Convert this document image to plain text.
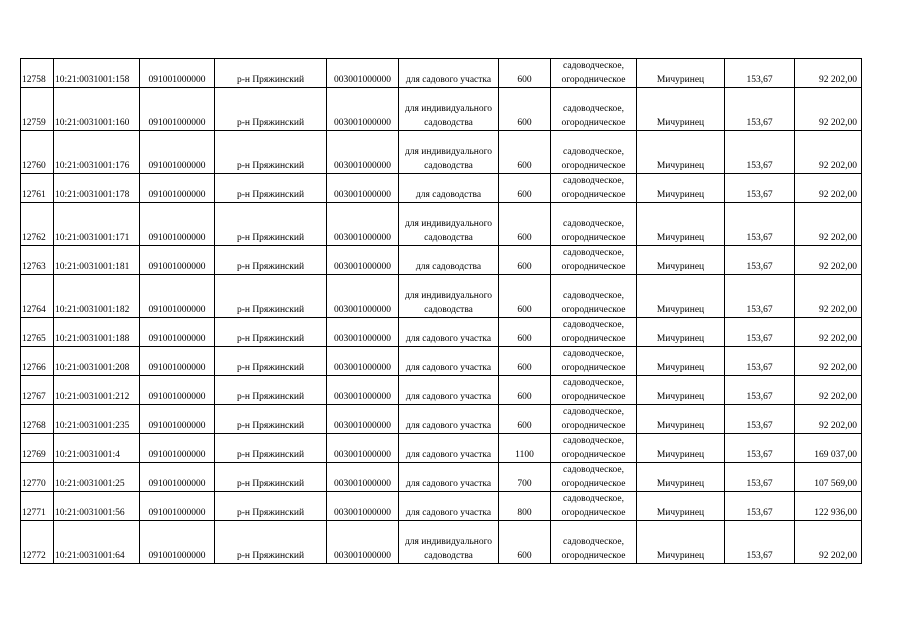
12758	10:21:0031001:158	091001000000	р-н Пряжинский	003001000000	для садового участка	600	садоводческое, огородническое	Мичуринец	153,67	92 202,00
12759	10:21:0031001:160	091001000000	р-н Пряжинский	003001000000	для индивидуального садоводства	600	садоводческое, огородническое	Мичуринец	153,67	92 202,00
12760	10:21:0031001:176	091001000000	р-н Пряжинский	003001000000	для индивидуального садоводства	600	садоводческое, огородническое	Мичуринец	153,67	92 202,00
12761	10:21:0031001:178	091001000000	р-н Пряжинский	003001000000	для садоводства	600	садоводческое, огородническое	Мичуринец	153,67	92 202,00
12762	10:21:0031001:171	091001000000	р-н Пряжинский	003001000000	для индивидуального садоводства	600	садоводческое, огородническое	Мичуринец	153,67	92 202,00
12763	10:21:0031001:181	091001000000	р-н Пряжинский	003001000000	для садоводства	600	садоводческое, огородническое	Мичуринец	153,67	92 202,00
12764	10:21:0031001:182	091001000000	р-н Пряжинский	003001000000	для индивидуального садоводства	600	садоводческое, огородническое	Мичуринец	153,67	92 202,00
12765	10:21:0031001:188	091001000000	р-н Пряжинский	003001000000	для садового участка	600	садоводческое, огородническое	Мичуринец	153,67	92 202,00
12766	10:21:0031001:208	091001000000	р-н Пряжинский	003001000000	для садового участка	600	садоводческое, огородническое	Мичуринец	153,67	92 202,00
12767	10:21:0031001:212	091001000000	р-н Пряжинский	003001000000	для садового участка	600	садоводческое, огородническое	Мичуринец	153,67	92 202,00
12768	10:21:0031001:235	091001000000	р-н Пряжинский	003001000000	для садового участка	600	садоводческое, огородническое	Мичуринец	153,67	92 202,00
12769	10:21:0031001:4	091001000000	р-н Пряжинский	003001000000	для садового участка	1100	садоводческое, огородническое	Мичуринец	153,67	169 037,00
12770	10:21:0031001:25	091001000000	р-н Пряжинский	003001000000	для садового участка	700	садоводческое, огородническое	Мичуринец	153,67	107 569,00
12771	10:21:0031001:56	091001000000	р-н Пряжинский	003001000000	для садового участка	800	садоводческое, огородническое	Мичуринец	153,67	122 936,00
12772	10:21:0031001:64	091001000000	р-н Пряжинский	003001000000	для индивидуального садоводства	600	садоводческое, огородническое	Мичуринец	153,67	92 202,00
